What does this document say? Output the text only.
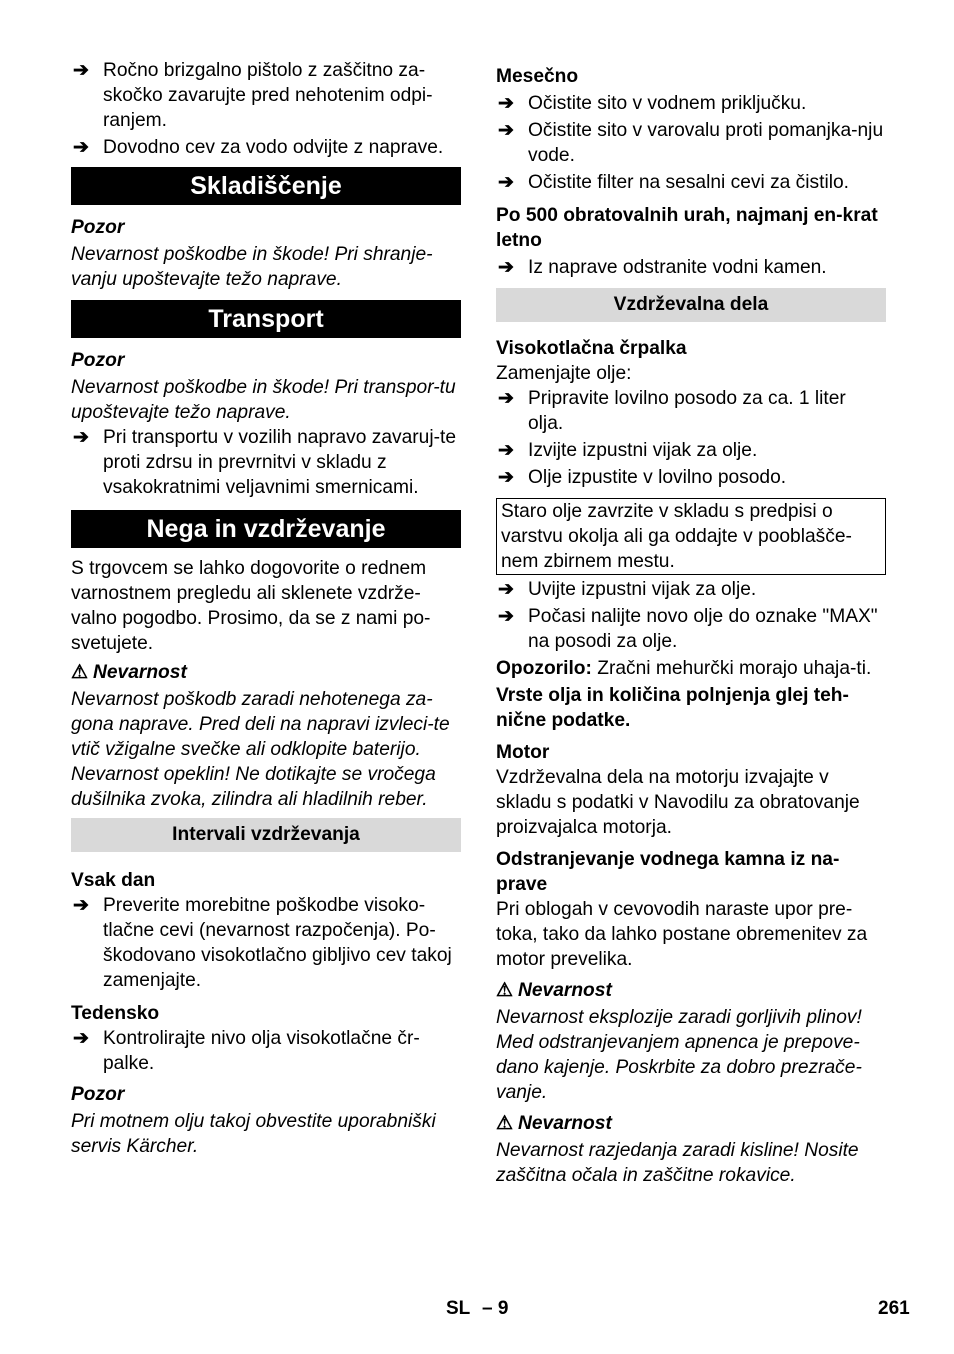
➔ Ročno brizgalno pištolo z zaščitno za-skočko zavarujte pred nehotenim odpi-ranjem.

➔ Dovodno cev za vodo odvijte z naprave.

Skladiščenje

Pozor

Nevarnost poškodbe in škode! Pri shranje-vanju upoštevajte težo naprave.

Transport

Pozor

Nevarnost poškodbe in škode! Pri transpor-tu upoštevajte težo naprave.

➔ Pri transportu v vozilih napravo zavaruj-te proti zdrsu in prevrnitvi v skladu z vsakokratnimi veljavnimi smernicami.

Nega in vzdrževanje

S trgovcem se lahko dogovorite o rednem varnostnem pregledu ali sklenete vzdrže-valno pogodbo. Prosimo, da se z nami po-svetujete.

⚠ Nevarnost

Nevarnost poškodb zaradi nehotenega za-gona naprave. Pred deli na napravi izvleci-te vtič vžigalne svečke ali odklopite baterijo. Nevarnost opeklin! Ne dotikajte se vročega dušilnika zvoka, zilindra ali hladilnih reber.

Intervali vzdrževanja

Vsak dan

➔ Preverite morebitne poškodbe visoko-tlačne cevi (nevarnost razpočenja). Po-škodovano visokotlačno gibljivo cev takoj zamenjajte.

Tedensko

➔ Kontrolirajte nivo olja visokotlačne čr-palke.

Pozor

Pri motnem olju takoj obvestite uporabniški servis Kärcher.

Mesečno

➔ Očistite sito v vodnem priključku.

➔ Očistite sito v varovalu proti pomanjka-nju vode.

➔ Očistite filter na sesalni cevi za čistilo.

Po 500 obratovalnih urah, najmanj en-krat letno

➔ Iz naprave odstranite vodni kamen.

Vzdrževalna dela

Visokotlačna črpalka

Zamenjajte olje:

➔ Pripravite lovilno posodo za ca. 1 liter olja.

➔ Izvijte izpustni vijak za olje.

➔ Olje izpustite v lovilno posodo.

Staro olje zavrzite v skladu s predpisi o varstvu okolja ali ga oddajte v pooblašče-nem zbirnem mestu.

➔ Uvijte izpustni vijak za olje.

➔ Počasi nalijte novo olje do oznake "MAX" na posodi za olje.

Opozorilo: Zračni mehurčki morajo uhaja-ti.

Vrste olja in količina polnjenja glej teh-nične podatke.

Motor

Vzdrževalna dela na motorju izvajajte v skladu s podatki v Navodilu za obratovanje proizvajalca motorja.

Odstranjevanje vodnega kamna iz na-prave

Pri oblogah v cevovodih naraste upor pre-toka, tako da lahko postane obremenitev za motor prevelika.

⚠ Nevarnost

Nevarnost eksplozije zaradi gorljivih plinov! Med odstranjevanjem apnenca je prepove-dano kajenje. Poskrbite za dobro prezrače-vanje.

⚠ Nevarnost

Nevarnost razjedanja zaradi kisline! Nosite zaščitna očala in zaščitne rokavice.

SL – 9	261
